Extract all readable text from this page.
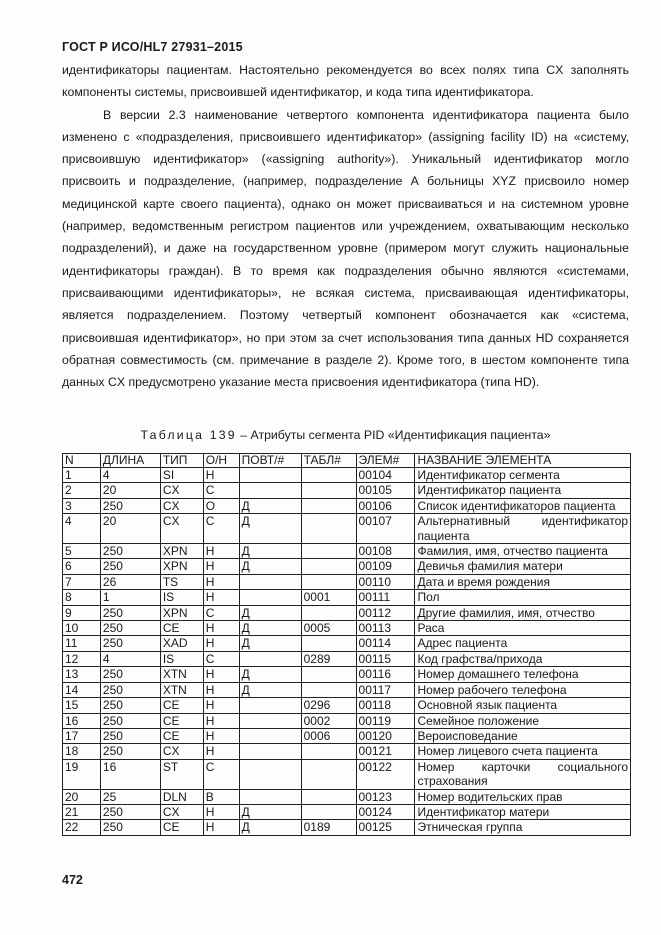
ГОСТ Р ИСО/HL7 27931–2015

идентификаторы пациентам. Настоятельно рекомендуется во всех полях типа CX заполнять компоненты системы, присвоившей идентификатор, и кода типа идентификатора.

В версии 2.3 наименование четвертого компонента идентификатора пациента было изменено с «подразделения, присвоившего идентификатор» (assigning facility ID) на «систему, присвоившую идентификатор» («assigning authority»). Уникальный идентификатор могло присвоить и подразделение, (например, подразделение А больницы XYZ присвоило номер медицинской карте своего пациента), однако он может присваиваться и на системном уровне (например, ведомственным регистром пациентов или учреждением, охватывающим несколько подразделений), и даже на государственном уровне (примером могут служить национальные идентификаторы граждан). В то время как подразделения обычно являются «системами, присваивающими идентификаторы», не всякая система, присваивающая идентификаторы, является подразделением. Поэтому четвертый компонент обозначается как «система, присвоившая идентификатор», но при этом за счет использования типа данных HD сохраняется обратная совместимость (см. примечание в разделе 2). Кроме того, в шестом компоненте типа данных CX предусмотрено указание места присвоения идентификатора (типа HD).

Таблица 139 – Атрибуты сегмента PID «Идентификация пациента»
N	ДЛИНА	ТИП	О/Н	ПОВТ/#	ТАБЛ#	ЭЛЕМ#	НАЗВАНИЕ ЭЛЕМЕНТА
1	4	SI	Н			00104	Идентификатор сегмента
2	20	CX	С			00105	Идентификатор пациента
3	250	CX	О	Д		00106	Список идентификаторов пациента
4	20	CX	С	Д		00107	Альтернативный идентификатор пациента
5	250	XPN	Н	Д		00108	Фамилия, имя, отчество пациента
6	250	XPN	Н	Д		00109	Девичья фамилия матери
7	26	TS	Н			00110	Дата и время рождения
8	1	IS	Н		0001	00111	Пол
9	250	XPN	С	Д		00112	Другие фамилия, имя, отчество
10	250	CE	Н	Д	0005	00113	Раса
11	250	XAD	Н	Д		00114	Адрес пациента
12	4	IS	С		0289	00115	Код графства/прихода
13	250	XTN	Н	Д		00116	Номер домашнего телефона
14	250	XTN	Н	Д		00117	Номер рабочего телефона
15	250	CE	Н		0296	00118	Основной язык пациента
16	250	CE	Н		0002	00119	Семейное положение
17	250	CE	Н		0006	00120	Вероисповедание
18	250	CX	Н			00121	Номер лицевого счета пациента
19	16	ST	С			00122	Номер карточки социального страхования
20	25	DLN	В			00123	Номер водительских прав
21	250	CX	Н	Д		00124	Идентификатор матери
22	250	CE	Н	Д	0189	00125	Этническая группа
472
